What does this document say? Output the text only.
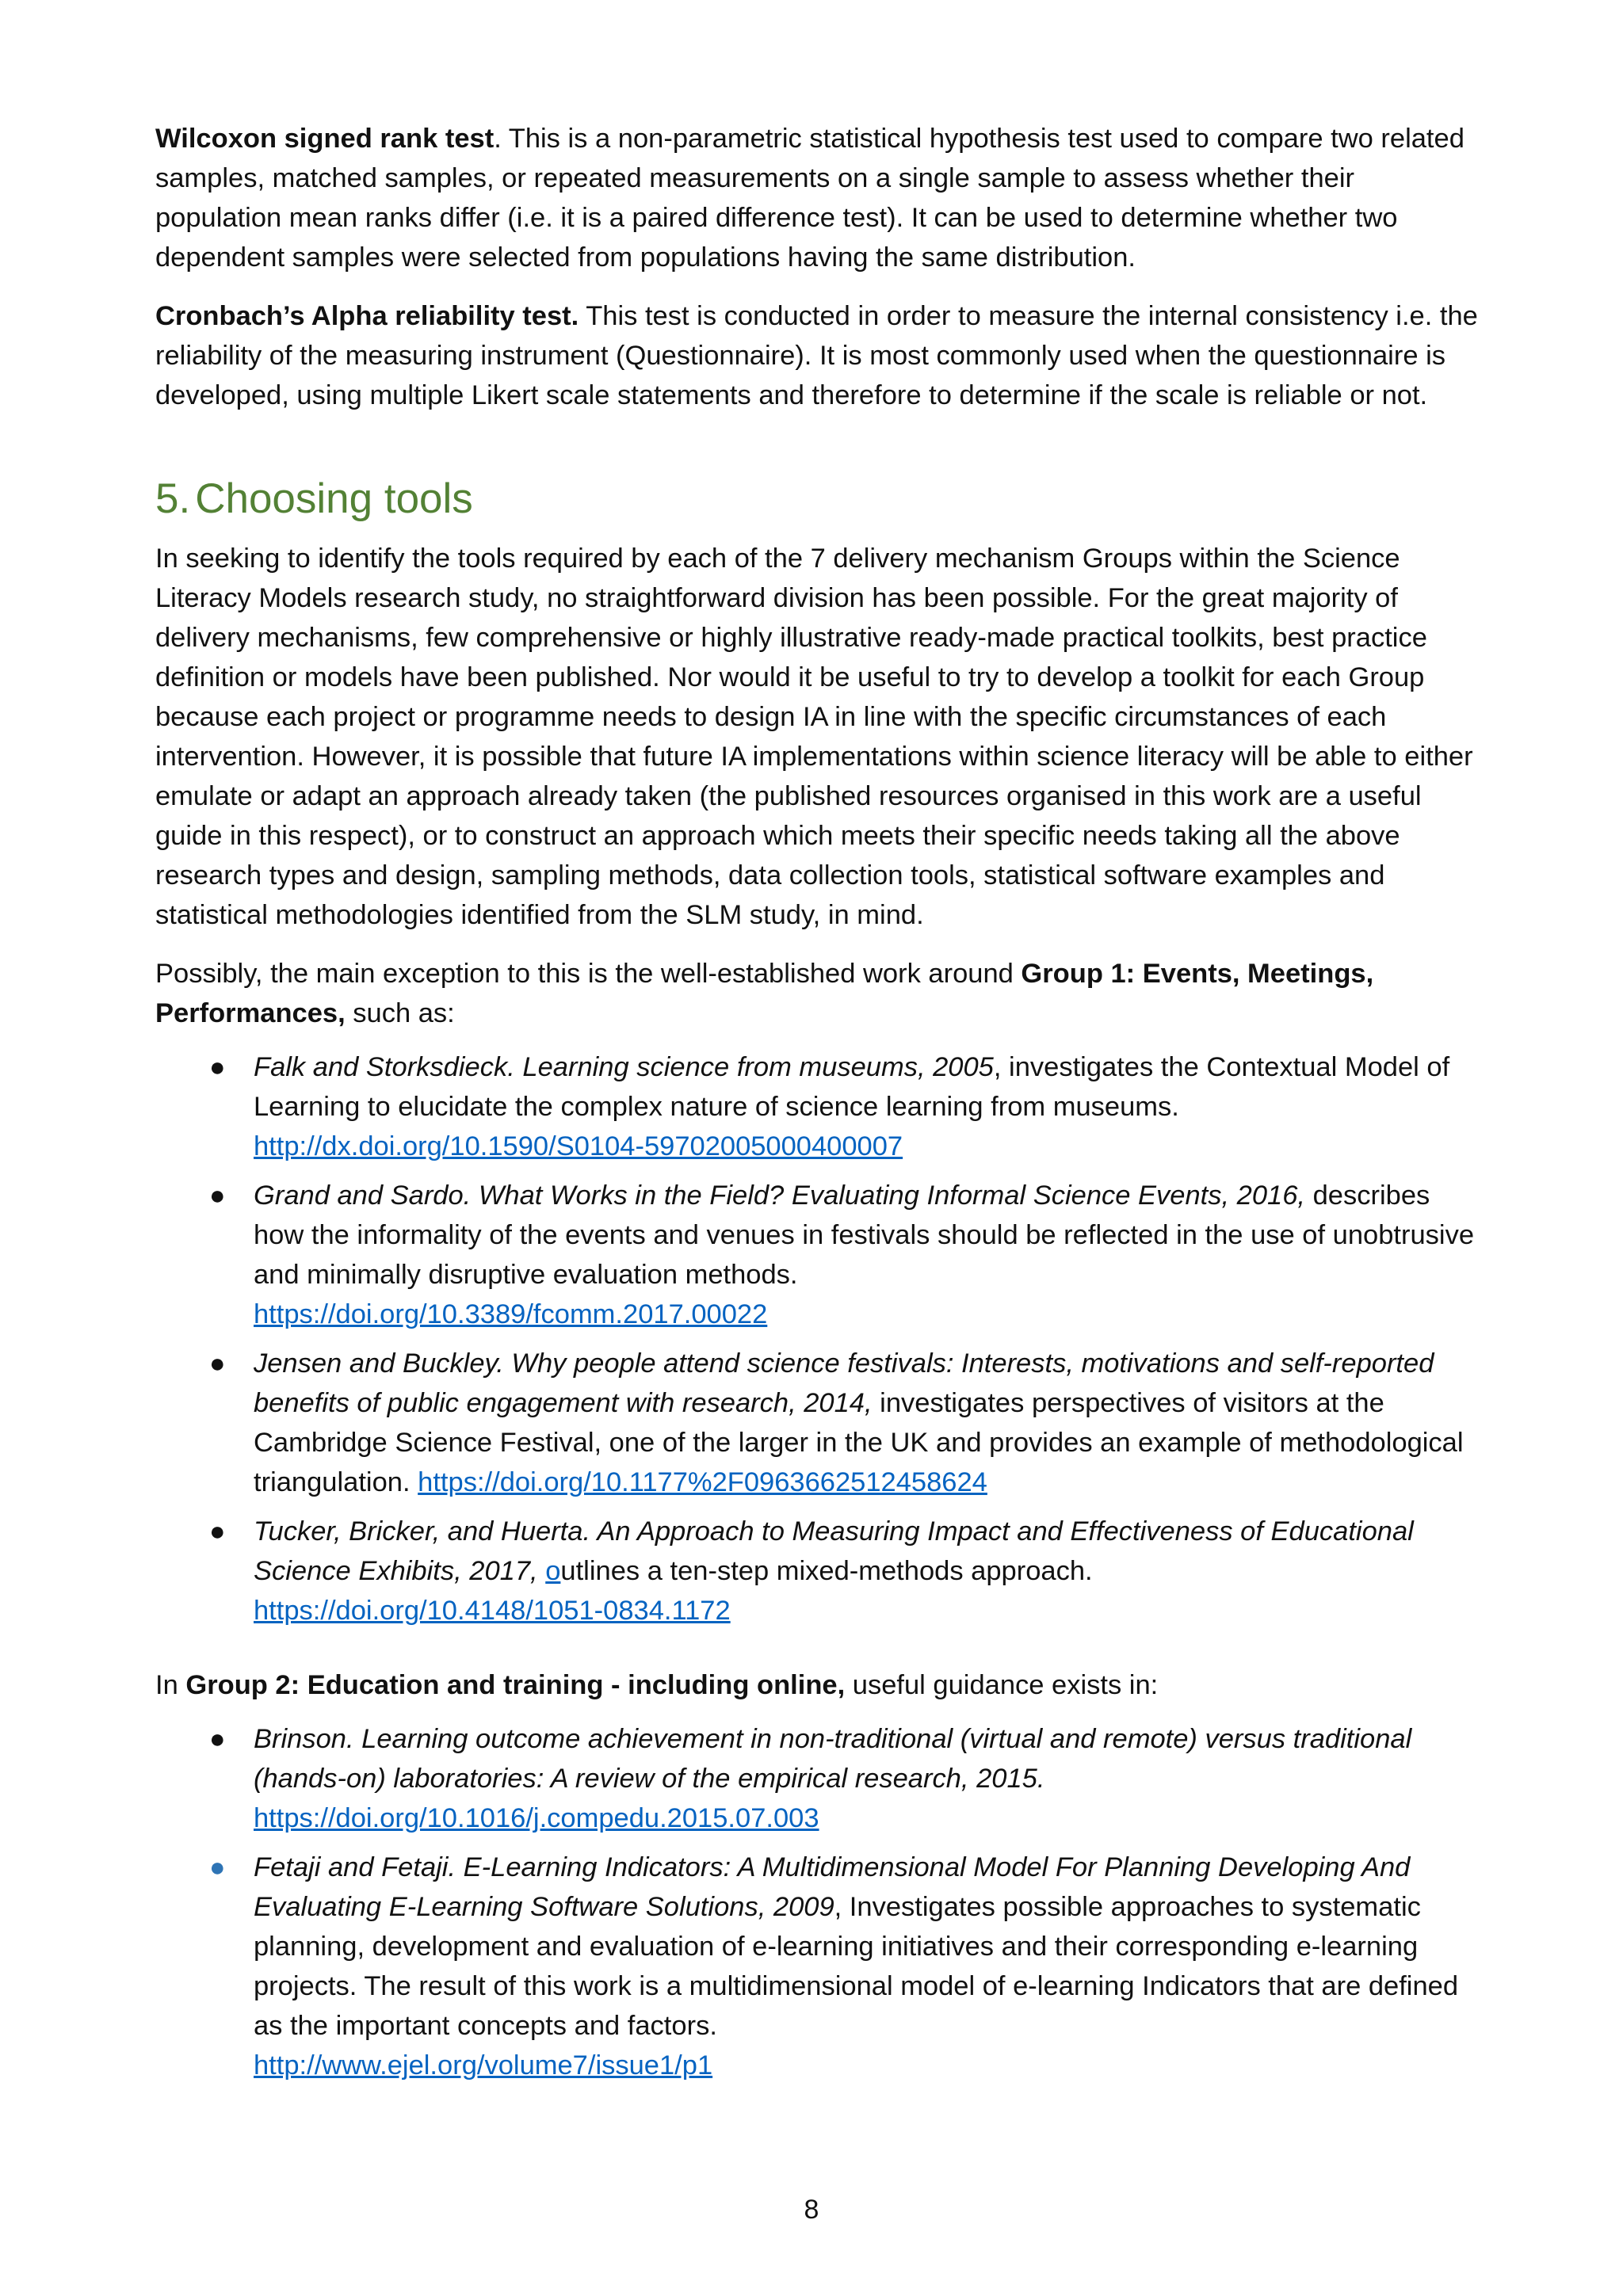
Wilcoxon signed rank test. This is a non-parametric statistical hypothesis test used to compare two related samples, matched samples, or repeated measurements on a single sample to assess whether their population mean ranks differ (i.e. it is a paired difference test). It can be used to determine whether two dependent samples were selected from populations having the same distribution.

Cronbach’s Alpha reliability test. This test is conducted in order to measure the internal consistency i.e. the reliability of the measuring instrument (Questionnaire). It is most commonly used when the questionnaire is developed, using multiple Likert scale statements and therefore to determine if the scale is reliable or not.

5. Choosing tools

In seeking to identify the tools required by each of the 7 delivery mechanism Groups within the Science Literacy Models research study, no straightforward division has been possible. For the great majority of delivery mechanisms, few comprehensive or highly illustrative ready-made practical toolkits, best practice definition or models have been published. Nor would it be useful to try to develop a toolkit for each Group because each project or programme needs to design IA in line with the specific circumstances of each intervention. However, it is possible that future IA implementations within science literacy will be able to either emulate or adapt an approach already taken (the published resources organised in this work are a useful guide in this respect), or to construct an approach which meets their specific needs taking all the above research types and design, sampling methods, data collection tools, statistical software examples and statistical methodologies identified from the SLM study, in mind.

Possibly, the main exception to this is the well-established work around Group 1: Events, Meetings, Performances, such as:

● Falk and Storksdieck. Learning science from museums, 2005, investigates the Contextual Model of Learning to elucidate the complex nature of science learning from museums.
http://dx.doi.org/10.1590/S0104-59702005000400007
● Grand and Sardo. What Works in the Field? Evaluating Informal Science Events, 2016, describes how the informality of the events and venues in festivals should be reflected in the use of unobtrusive and minimally disruptive evaluation methods.
https://doi.org/10.3389/fcomm.2017.00022
● Jensen and Buckley. Why people attend science festivals: Interests, motivations and self-reported benefits of public engagement with research, 2014, investigates perspectives of visitors at the Cambridge Science Festival, one of the larger in the UK and provides an example of methodological triangulation. https://doi.org/10.1177%2F0963662512458624
● Tucker, Bricker, and Huerta. An Approach to Measuring Impact and Effectiveness of Educational Science Exhibits, 2017, outlines a ten-step mixed-methods approach.
https://doi.org/10.4148/1051-0834.1172

In Group 2: Education and training - including online, useful guidance exists in:

● Brinson. Learning outcome achievement in non-traditional (virtual and remote) versus traditional (hands-on) laboratories: A review of the empirical research, 2015.
https://doi.org/10.1016/j.compedu.2015.07.003
● Fetaji and Fetaji. E-Learning Indicators: A Multidimensional Model For Planning Developing And Evaluating E-Learning Software Solutions, 2009, Investigates possible approaches to systematic planning, development and evaluation of e-learning initiatives and their corresponding e-learning projects. The result of this work is a multidimensional model of e-learning Indicators that are defined as the important concepts and factors.
http://www.ejel.org/volume7/issue1/p1
8
